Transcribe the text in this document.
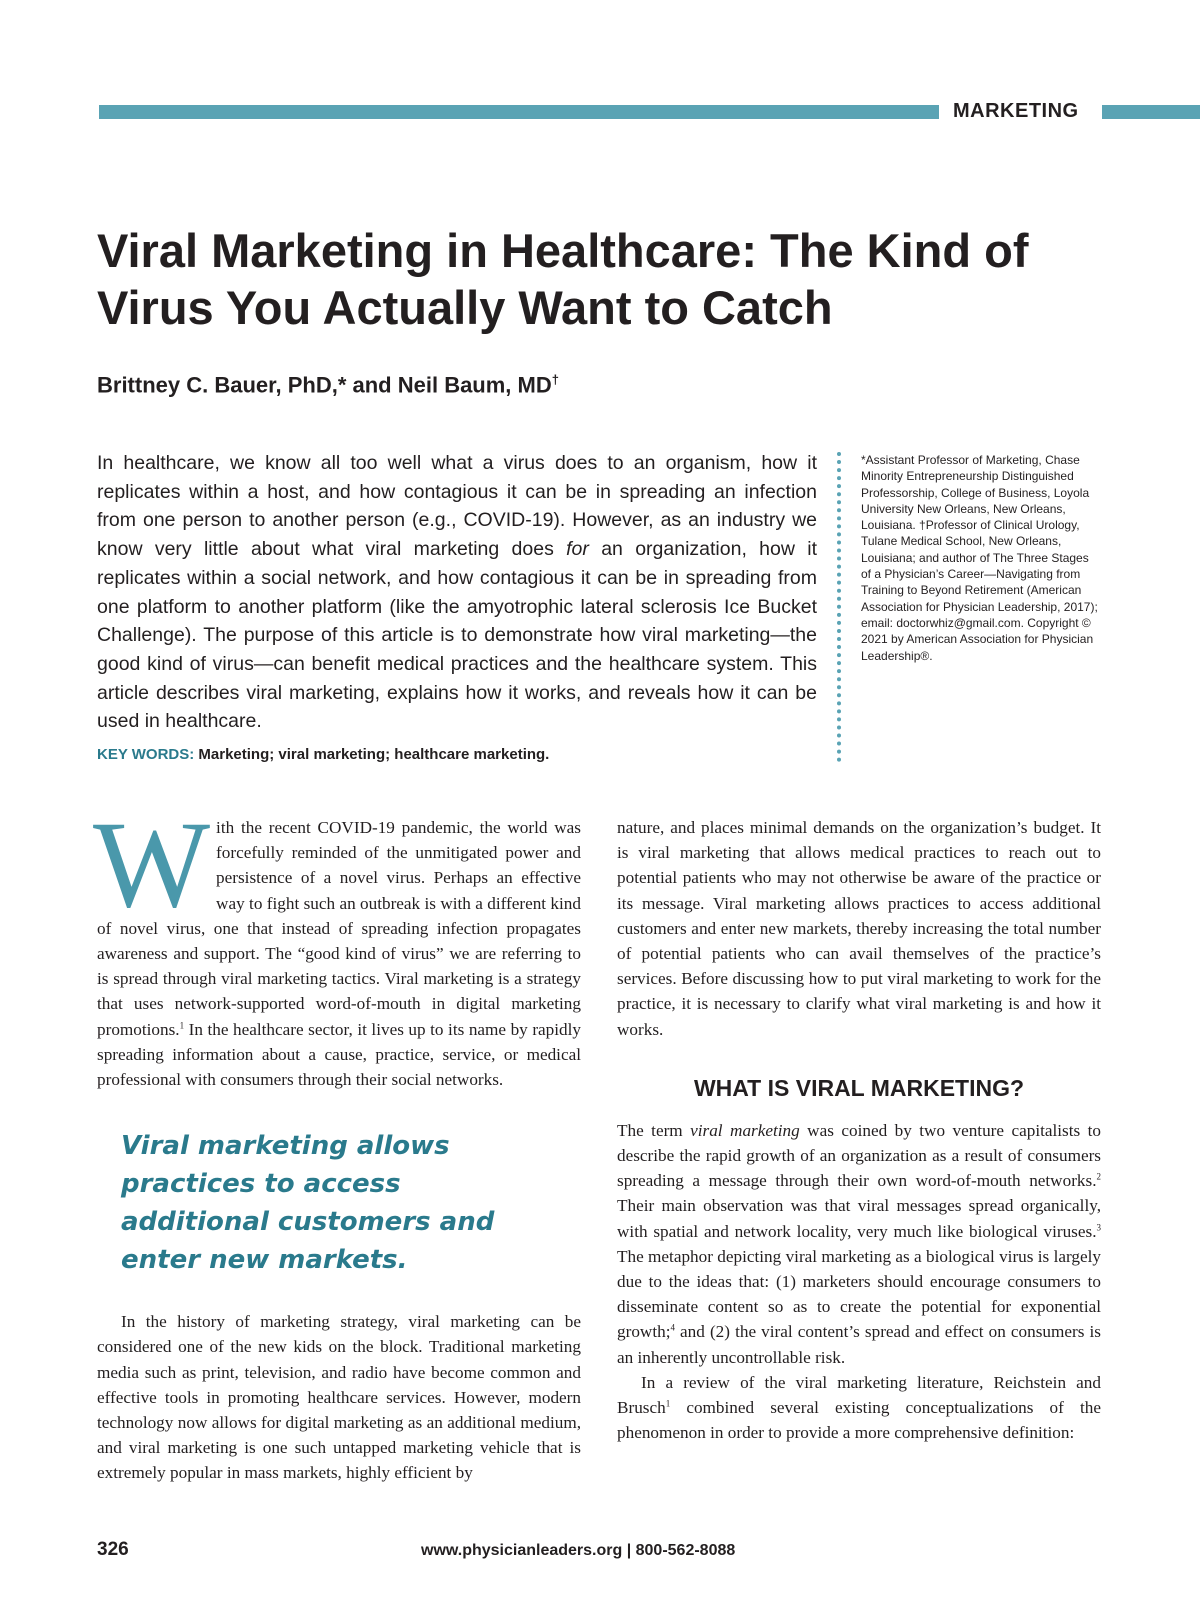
MARKETING
Viral Marketing in Healthcare: The Kind of Virus You Actually Want to Catch

Brittney C. Bauer, PhD,* and Neil Baum, MD†

In healthcare, we know all too well what a virus does to an organism, how it replicates within a host, and how contagious it can be in spreading an infection from one person to another person (e.g., COVID-19). However, as an industry we know very little about what viral marketing does for an organization, how it replicates within a social network, and how contagious it can be in spreading from one platform to another platform (like the amyotrophic lateral sclerosis Ice Bucket Challenge). The purpose of this article is to demonstrate how viral marketing—the good kind of virus—can benefit medical practices and the healthcare system. This article describes viral marketing, explains how it works, and reveals how it can be used in healthcare.

KEY WORDS: Marketing; viral marketing; healthcare marketing.

*Assistant Professor of Marketing, Chase Minority Entrepreneurship Distinguished Professorship, College of Business, Loyola University New Orleans, New Orleans, Louisiana. †Professor of Clinical Urology, Tulane Medical School, New Orleans, Louisiana; and author of The Three Stages of a Physician’s Career—Navigating from Training to Beyond Retirement (American Association for Physician Leadership, 2017); email: doctorwhiz@gmail.com. Copyright © 2021 by American Association for Physician Leadership®.

With the recent COVID-19 pandemic, the world was forcefully reminded of the unmitigated power and persistence of a novel virus. Perhaps an effective way to fight such an outbreak is with a different kind of novel virus, one that instead of spreading infection propagates awareness and support. The “good kind of virus” we are referring to is spread through viral marketing tactics. Viral marketing is a strategy that uses network-supported word-of-mouth in digital marketing promotions.$^1$ In the healthcare sector, it lives up to its name by rapidly spreading information about a cause, practice, service, or medical professional with consumers through their social networks.

Viral marketing allows practices to access additional customers and enter new markets.

In the history of marketing strategy, viral marketing can be considered one of the new kids on the block. Traditional marketing media such as print, television, and radio have become common and effective tools in promoting healthcare services. However, modern technology now allows for digital marketing as an additional medium, and viral marketing is one such untapped marketing vehicle that is extremely popular in mass markets, highly efficient by

nature, and places minimal demands on the organization’s budget. It is viral marketing that allows medical practices to reach out to potential patients who may not otherwise be aware of the practice or its message. Viral marketing allows practices to access additional customers and enter new markets, thereby increasing the total number of potential patients who can avail themselves of the practice’s services. Before discussing how to put viral marketing to work for the practice, it is necessary to clarify what viral marketing is and how it works.

WHAT IS VIRAL MARKETING?

The term viral marketing was coined by two venture capitalists to describe the rapid growth of an organization as a result of consumers spreading a message through their own word-of-mouth networks.$^2$ Their main observation was that viral messages spread organically, with spatial and network locality, very much like biological viruses.$^3$ The metaphor depicting viral marketing as a biological virus is largely due to the ideas that: (1) marketers should encourage consumers to disseminate content so as to create the potential for exponential growth;$^4$ and (2) the viral content’s spread and effect on consumers is an inherently uncontrollable risk.

In a review of the viral marketing literature, Reichstein and Brusch$^1$ combined several existing conceptualizations of the phenomenon in order to provide a more comprehensive definition:

326	www.physicianleaders.org | 800-562-8088
